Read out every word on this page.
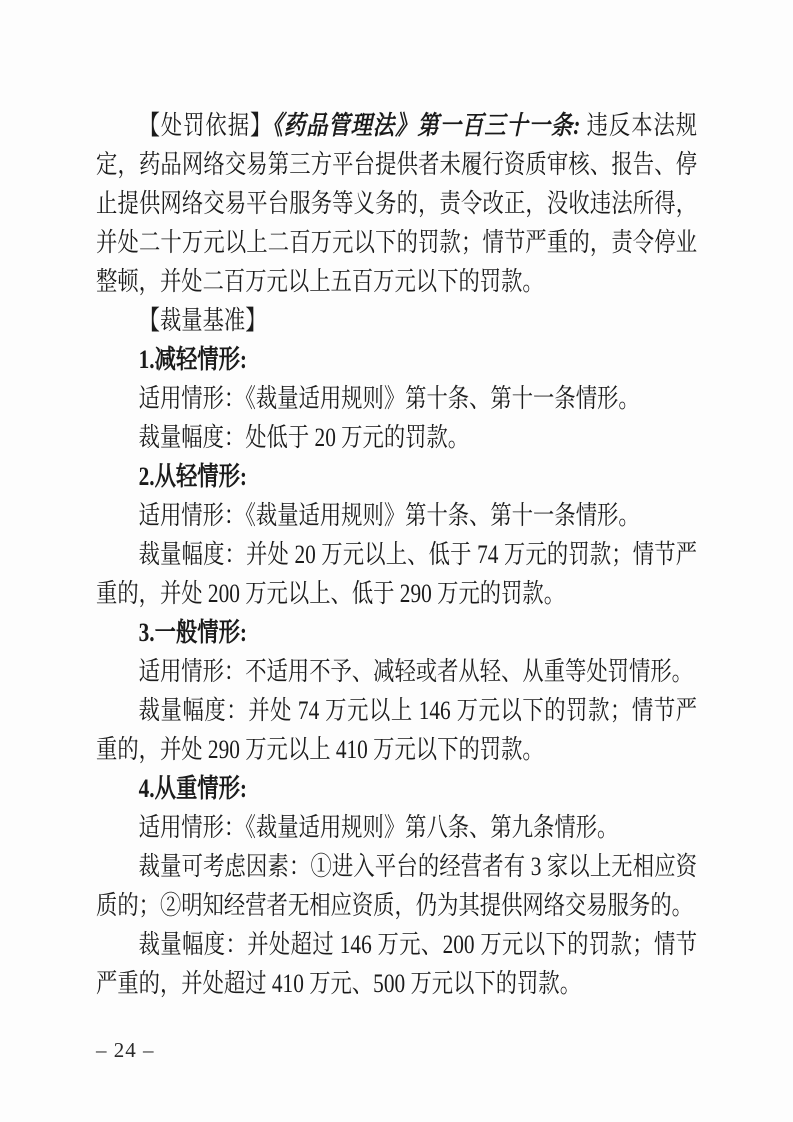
【处罚依据】《药品管理法》第一百三十一条: 违反本法规定，药品网络交易第三方平台提供者未履行资质审核、报告、停止提供网络交易平台服务等义务的，责令改正，没收违法所得，并处二十万元以上二百万元以下的罚款；情节严重的，责令停业整顿，并处二百万元以上五百万元以下的罚款。

【裁量基准】

1.减轻情形:

适用情形：《裁量适用规则》第十条、第十一条情形。

裁量幅度：处低于 20 万元的罚款。

2.从轻情形:

适用情形：《裁量适用规则》第十条、第十一条情形。

裁量幅度：并处 20 万元以上、低于 74 万元的罚款；情节严重的，并处 200 万元以上、低于 290 万元的罚款。

3.一般情形:

适用情形：不适用不予、减轻或者从轻、从重等处罚情形。

裁量幅度：并处 74 万元以上 146 万元以下的罚款；情节严重的，并处 290 万元以上 410 万元以下的罚款。

4.从重情形:

适用情形：《裁量适用规则》第八条、第九条情形。

裁量可考虑因素：①进入平台的经营者有 3 家以上无相应资质的；②明知经营者无相应资质，仍为其提供网络交易服务的。

裁量幅度：并处超过 146 万元、200 万元以下的罚款；情节严重的，并处超过 410 万元、500 万元以下的罚款。

– 24 –
